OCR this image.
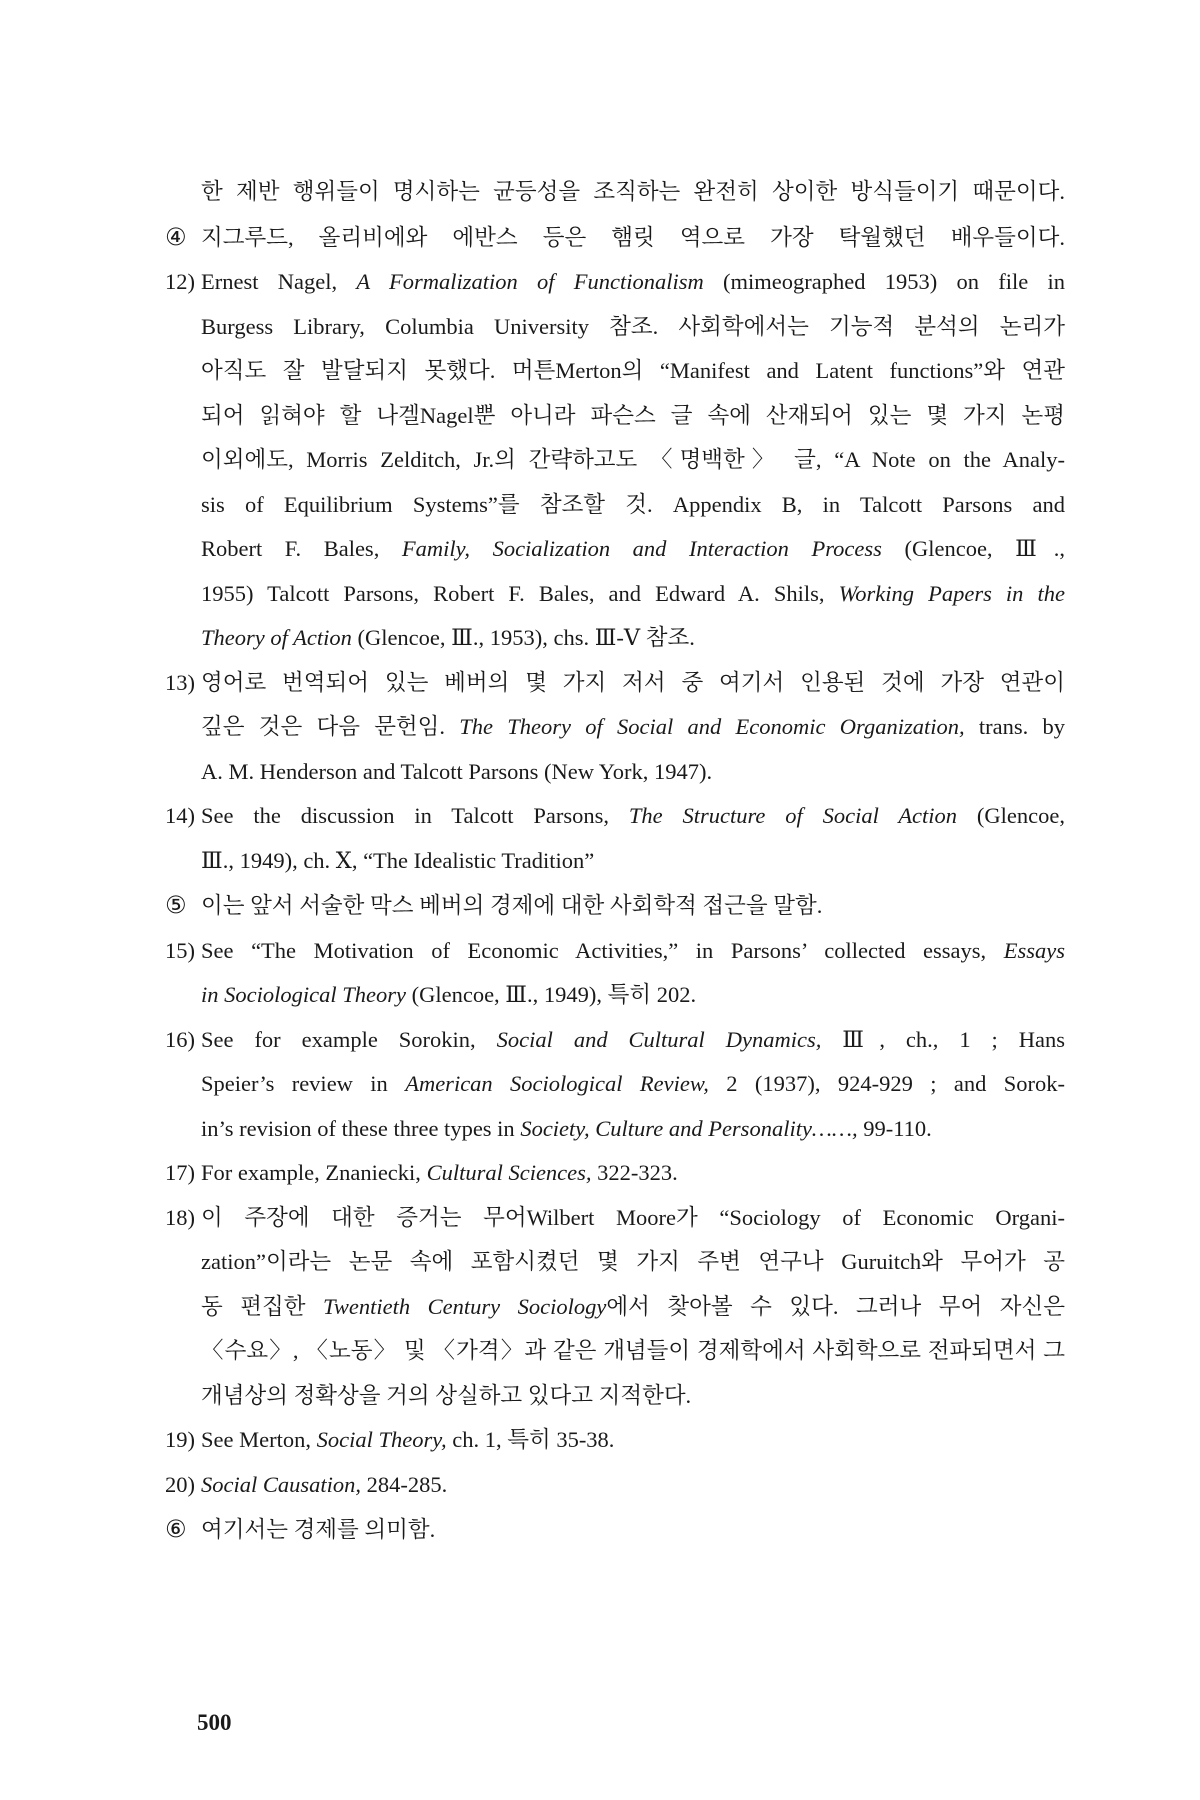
한 제반 행위들이 명시하는 균등성을 조직하는 완전히 상이한 방식들이기 때문이다.
④ 지그루드, 올리비에와 에반스 등은 햄릿 역으로 가장 탁월했던 배우들이다.
12) Ernest Nagel, A Formalization of Functionalism (mimeographed 1953) on file in
Burgess Library, Columbia University 참조. 사회학에서는 기능적 분석의 논리가
아직도 잘 발달되지 못했다. 머튼Merton의 “Manifest and Latent functions”와 연관
되어 읽혀야 할 나겔Nagel뿐 아니라 파슨스 글 속에 산재되어 있는 몇 가지 논평
이외에도, Morris Zelditch, Jr.의 간략하고도 〈명백한〉 글, “A Note on the Analy-
sis of Equilibrium Systems”를 참조할 것. Appendix B, in Talcott Parsons and
Robert F. Bales, Family, Socialization and Interaction Process (Glencoe, Ⅲ.,
1955) Talcott Parsons, Robert F. Bales, and Edward A. Shils, Working Papers in the
Theory of Action (Glencoe, Ⅲ., 1953), chs. Ⅲ-Ⅴ 참조.
13) 영어로 번역되어 있는 베버의 몇 가지 저서 중 여기서 인용된 것에 가장 연관이
깊은 것은 다음 문헌임. The Theory of Social and Economic Organization, trans. by
A. M. Henderson and Talcott Parsons (New York, 1947).
14) See the discussion in Talcott Parsons, The Structure of Social Action (Glencoe,
Ⅲ., 1949), ch. Ⅹ, “The Idealistic Tradition”
⑤ 이는 앞서 서술한 막스 베버의 경제에 대한 사회학적 접근을 말함.
15) See “The Motivation of Economic Activities,” in Parsons’ collected essays, Essays
in Sociological Theory (Glencoe, Ⅲ., 1949), 특히 202.
16) See for example Sorokin, Social and Cultural Dynamics, Ⅲ, ch., 1 ; Hans
Speier’s review in American Sociological Review, 2 (1937), 924-929 ; and Sorok-
in’s revision of these three types in Society, Culture and Personality……, 99-110.
17) For example, Znaniecki, Cultural Sciences, 322-323.
18) 이 주장에 대한 증거는 무어Wilbert Moore가 “Sociology of Economic Organi-
zation”이라는 논문 속에 포함시켰던 몇 가지 주변 연구나 Guruitch와 무어가 공
동 편집한 Twentieth Century Sociology에서 찾아볼 수 있다. 그러나 무어 자신은
〈수요〉, 〈노동〉 및 〈가격〉과 같은 개념들이 경제학에서 사회학으로 전파되면서 그
개념상의 정확상을 거의 상실하고 있다고 지적한다.
19) See Merton, Social Theory, ch. 1, 특히 35-38.
20) Social Causation, 284-285.
⑥ 여기서는 경제를 의미함.
500
